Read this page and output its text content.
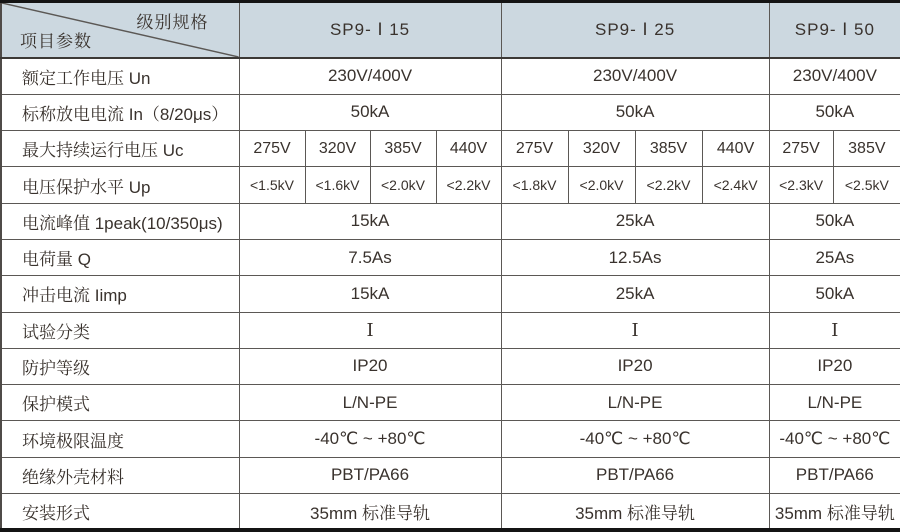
级别规格
项目参数	SP9- Ⅰ 15				SP9- Ⅰ 25				SP9- Ⅰ 50	
额定工作电压 Un	230V/400V				230V/400V				230V/400V	
标称放电电流 In（8/20μs）	50kA				50kA				50kA	
最大持续运行电压 Uc	275V	320V	385V	440V	275V	320V	385V	440V	275V	385V
电压保护水平 Up	<1.5kV	<1.6kV	<2.0kV	<2.2kV	<1.8kV	<2.0kV	<2.2kV	<2.4kV	<2.3kV	<2.5kV
电流峰值 1peak(10/350μs)	15kA				25kA				50kA	
电荷量 Q	7.5As				12.5As				25As	
冲击电流 Iimp	15kA				25kA				50kA	
试验分类	Ⅰ				Ⅰ				Ⅰ	
防护等级	IP20				IP20				IP20	
保护模式	L/N-PE				L/N-PE				L/N-PE	
环境极限温度	-40℃ ~ +80℃				-40℃ ~ +80℃				-40℃ ~ +80℃	
绝缘外壳材料	PBT/PA66				PBT/PA66				PBT/PA66	
安装形式	35mm 标准导轨				35mm 标准导轨				35mm 标准导轨	
